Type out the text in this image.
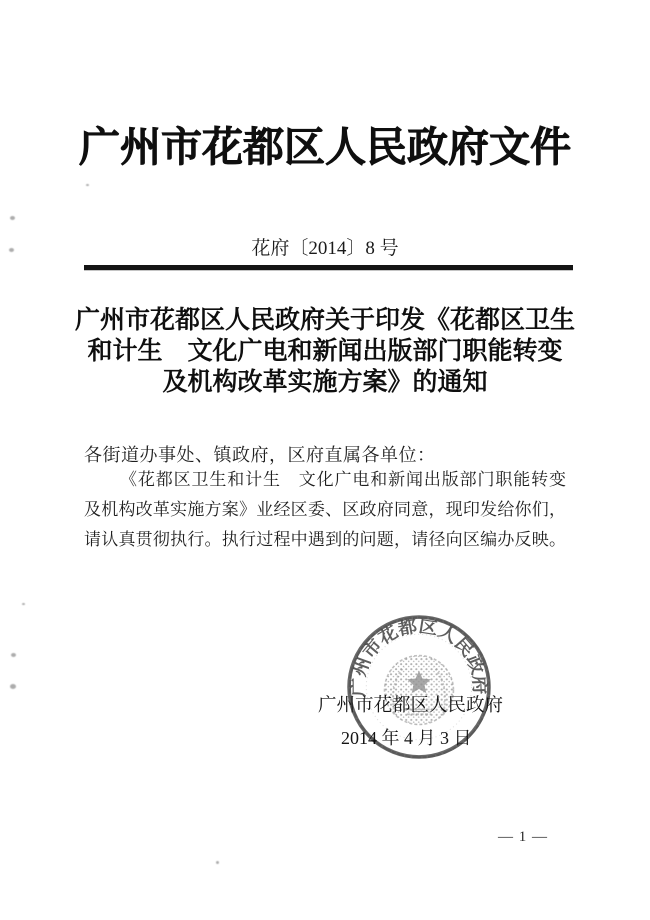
广州市花都区人民政府文件
花府〔2014〕8 号
广州市花都区人民政府关于印发《花都区卫生
和计生　文化广电和新闻出版部门职能转变
及机构改革实施方案》的通知
各街道办事处、镇政府，区府直属各单位：
《花都区卫生和计生　文化广电和新闻出版部门职能转变
及机构改革实施方案》业经区委、区政府同意，现印发给你们，
请认真贯彻执行。执行过程中遇到的问题，请径向区编办反映。
广州市花都区人民政府
广州市花都区人民政府
2014 年 4 月 3 日
— 1 —
